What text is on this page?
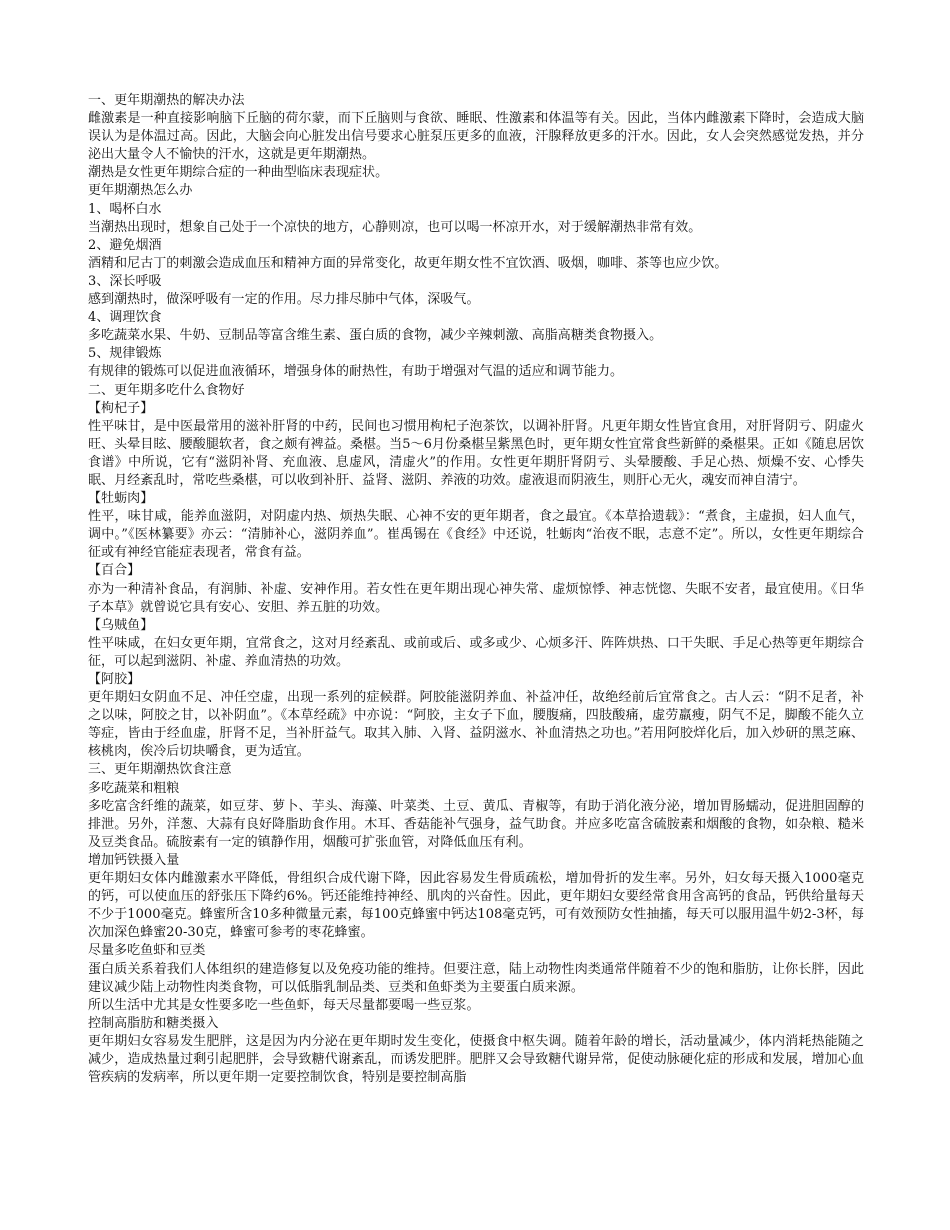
一、更年期潮热的解决办法

雌激素是一种直接影响脑下丘脑的荷尔蒙，而下丘脑则与食欲、睡眠、性激素和体温等有关。因此，当体内雌激素下降时，会造成大脑误认为是体温过高。因此，大脑会向心脏发出信号要求心脏泵压更多的血液，汗腺释放更多的汗水。因此，女人会突然感觉发热，并分泌出大量令人不愉快的汗水，这就是更年期潮热。

潮热是女性更年期综合症的一种曲型临床表现症状。

更年期潮热怎么办

1、喝杯白水

当潮热出现时，想象自己处于一个凉快的地方，心静则凉，也可以喝一杯凉开水，对于缓解潮热非常有效。

2、避免烟酒

酒精和尼古丁的刺激会造成血压和精神方面的异常变化，故更年期女性不宜饮酒、吸烟，咖啡、茶等也应少饮。

3、深长呼吸

感到潮热时，做深呼吸有一定的作用。尽力排尽肺中气体，深吸气。

4、调理饮食

多吃蔬菜水果、牛奶、豆制品等富含维生素、蛋白质的食物，减少辛辣刺激、高脂高糖类食物摄入。

5、规律锻炼

有规律的锻炼可以促进血液循环，增强身体的耐热性，有助于增强对气温的适应和调节能力。

二、更年期多吃什么食物好

【枸杞子】

性平味甘，是中医最常用的滋补肝肾的中药，民间也习惯用枸杞子泡茶饮，以调补肝肾。凡更年期女性皆宜食用，对肝肾阴亏、阴虚火旺、头晕目眩、腰酸腿软者，食之颇有裨益。桑椹。当5～6月份桑椹呈紫黑色时，更年期女性宜常食些新鲜的桑椹果。正如《随息居饮食谱》中所说，它有“滋阴补肾、充血液、息虚风，清虚火”的作用。女性更年期肝肾阴亏、头晕腰酸、手足心热、烦燥不安、心悸失眠、月经紊乱时，常吃些桑椹，可以收到补肝、益肾、滋阴、养液的功效。虚液退而阴液生，则肝心无火，魂安而神自清宁。

【牡蛎肉】

性平，味甘咸，能养血滋阴，对阴虚内热、烦热失眠、心神不安的更年期者，食之最宜。《本草拾遗载》：“煮食，主虚损，妇人血气，调中。”《医林纂要》亦云：“清肺补心，滋阴养血”。崔禹锡在《食经》中还说，牡蛎肉“治夜不眠，志意不定”。所以，女性更年期综合征或有神经官能症表现者，常食有益。

【百合】

亦为一种清补食品，有润肺、补虚、安神作用。若女性在更年期出现心神失常、虚烦惊悸、神志恍惚、失眠不安者，最宜使用。《日华子本草》就曾说它具有安心、安胆、养五脏的功效。

【乌贼鱼】

性平味咸，在妇女更年期，宜常食之，这对月经紊乱、或前或后、或多或少、心烦多汗、阵阵烘热、口干失眠、手足心热等更年期综合征，可以起到滋阴、补虚、养血清热的功效。

【阿胶】

更年期妇女阴血不足、冲任空虚，出现一系列的症候群。阿胶能滋阴养血、补益冲任，故绝经前后宜常食之。古人云：“阴不足者，补之以味，阿胶之甘，以补阴血”。《本草经疏》中亦说：“阿胶，主女子下血，腰腹痛，四肢酸痛，虚劳羸瘦，阴气不足，脚酸不能久立等症，皆由于经血虚，肝肾不足，当补肝益气。取其入肺、入肾、益阴滋水、补血清热之功也。”若用阿胶烊化后，加入炒研的黑芝麻、核桃肉，俟冷后切块嚼食，更为适宜。

三、更年期潮热饮食注意

多吃蔬菜和粗粮

多吃富含纤维的蔬菜，如豆芽、萝卜、芋头、海藻、叶菜类、土豆、黄瓜、青椒等，有助于消化液分泌，增加胃肠蠕动，促进胆固醇的排泄。另外，洋葱、大蒜有良好降脂助食作用。木耳、香菇能补气强身，益气助食。并应多吃富含硫胺素和烟酸的食物，如杂粮、糙米及豆类食品。硫胺素有一定的镇静作用，烟酸可扩张血管，对降低血压有利。

增加钙铁摄入量

更年期妇女体内雌激素水平降低，骨组织合成代谢下降，因此容易发生骨质疏松，增加骨折的发生率。另外，妇女每天摄入1000毫克的钙，可以使血压的舒张压下降约6%。钙还能维持神经、肌肉的兴奋性。因此，更年期妇女要经常食用含高钙的食品，钙供给量每天不少于1000毫克。蜂蜜所含10多种微量元素，每100克蜂蜜中钙达108毫克钙，可有效预防女性抽搐，每天可以服用温牛奶2-3杯，每次加深色蜂蜜20-30克，蜂蜜可参考的枣花蜂蜜。

尽量多吃鱼虾和豆类

蛋白质关系着我们人体组织的建造修复以及免疫功能的维持。但要注意，陆上动物性肉类通常伴随着不少的饱和脂肪，让你长胖，因此建议减少陆上动物性肉类食物，可以低脂乳制品类、豆类和鱼虾类为主要蛋白质来源。

所以生活中尤其是女性要多吃一些鱼虾，每天尽量都要喝一些豆浆。

控制高脂肪和糖类摄入

更年期妇女容易发生肥胖，这是因为内分泌在更年期时发生变化，使摄食中枢失调。随着年龄的增长，活动量减少，体内消耗热能随之减少，造成热量过剩引起肥胖，会导致糖代谢紊乱，而诱发肥胖。肥胖又会导致糖代谢异常，促使动脉硬化症的形成和发展，增加心血管疾病的发病率，所以更年期一定要控制饮食，特别是要控制高脂
